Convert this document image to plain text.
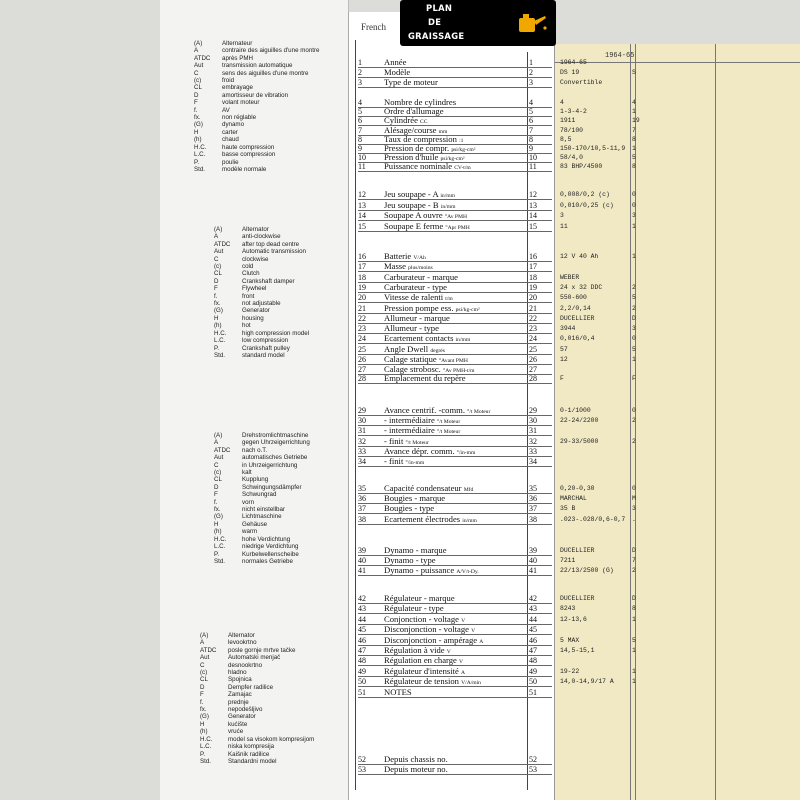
French
1964-65
PLAN
DE
GRAISSAGE
(A)	Alternateur
A	contraire des aiguilles d'une montre
ATDC	après PMH
Aut	transmission automatique
C	sens des aiguilles d'une montre
(c)	froid
CL	embrayage
D	amortisseur de vibration
F	volant moteur
f.	AV
fx.	non réglable
(G)	dynamo
H	carter
(h)	chaud
H.C.	haute compression
L.C.	basse compression
P.	poulie
Std.	modèle normale
(A)	Alternator
A	anti-clockwise
ATDC	after top dead centre
Aut	Automatic transmission
C	clockwise
(c)	cold
CL	Clutch
D	Crankshaft damper
F	Flywheel
f.	front
fx.	not adjustable
(G)	Generator
H	housing
(h)	hot
H.C.	high compression model
L.C.	low compression
P.	Crankshaft pulley
Std.	standard model
(A)	Drehstromlichtmaschine
A	gegen Uhrzeigerrichtung
ATDC	nach o.T.
Aut	automatisches Getriebe
C	in Uhrzeigerrichtung
(c)	kalt
CL	Kupplung
D	Schwingungsdämpfer
F	Schwungrad
f.	vorn
fx.	nicht einstellbar
(G)	Lichtmaschine
H	Gehäuse
(h)	warm
H.C.	hohe Verdichtung
L.C.	niedrige Verdichtung
P.	Kurbelwellenscheibe
Std.	normales Getriebe
(A)	Alternator
A	levookrtno
ATDC	posle gornje mrtve tačke
Aut	Automatski menjač
C	desnookrtno
(c)	hladno
CL	Spojnica
D	Dempfer radilice
F	Zamajac
f.	prednje
fx.	nepodešljivo
(G)	Generator
H	kućište
(h)	vruće
H.C.	model sa visokom kompresijom
L.C.	niska kompresija
P.	Kaišnik radilice
Std.	Standardni model
1	Année	1	1964-65
2	Modèle	2	DS 19	S
3	Type de moteur	3	Convertible
4	Nombre de cylindres	4	4	4
5	Ordre d'allumage	5	1-3-4-2	1
6	Cylindrée CC	6	1911	19
7	Alésage/course mm	7	78/100	7
8	Taux de compression :1	8	8,5	8
9	Pression de compr. psi/kg-cm²	9	150-170/10,5-11,9 1
10 Pression d'huile psi/kg-cm²	10	58/4,0	5
11 Puissance nominale CV-t/m	11	83 BHP/4500	8
12 Jeu soupape - A in/mm	12	0,008/0,2 (c)	0
13 Jeu soupape - B in/mm	13	0,010/0,25 (c)	0
14 Soupape A ouvre °Av PMH	14	3	3
15 Soupape E ferme °Apr PMH	15	11	1
16 Batterie V/Ah	16	12 V 40 Ah	1
17 Masse plus/moins	17
18 Carburateur - marque	18	WEBER
19 Carburateur - type	19	24 x 32 DDC	2
20 Vitesse de ralenti t/m	20	550-600	5
21 Pression pompe ess. psi/kg-cm²	21	2,2/0,14	2
22 Allumeur - marque	22	DUCELLIER	D
23 Allumeur - type	23	3944	3
24 Ecartement contacts in/mm	24	0,016/0,4	0
25 Angle Dwell degrés	25	57	5
26 Calage statique °Avant PMH	26	12	1
27 Calage strobosc. °Av PMH-t/m	27
28 Emplacement du repère	28	F	F
29 Avance centrif. -comm. °/t Moteur	29	0-1/1000	0
30 - intermédiaire °/t Moteur	30	22-24/2200	2
31 - intermédiaire °/t Moteur	31
32 - finit °/t Moteur	32	29-33/5000	2
33 Avance dépr. comm. °/in-mm	33
34 - finit °/in-mm	34
35 Capacité condensateur Mfd	35	0,20-0,30	0
36 Bougies - marque	36	MARCHAL	M
37 Bougies - type	37	35 B	3
38 Ecartement électrodes in/mm	38	.023-.028/0,6-0,7 .
39 Dynamo - marque	39	DUCELLIER	D
40 Dynamo - type	40	7211	7
41 Dynamo - puissance A/V/t-Dy.	41	22/13/2500 (G)	2
42 Régulateur - marque	42	DUCELLIER	D
43 Régulateur - type	43	8243	8
44 Conjonction - voltage V	44	12-13,6	1
45 Disconjonction - voltage V	45
46 Disconjonction - ampérage A	46	5 MAX	5
47 Régulation à vide V	47	14,5-15,1	1
48 Régulation en charge V	48
49 Régulateur d'intensité A	49	19-22	1
50 Régulateur de tension V/A/min	50	14,0-14,9/17 A	1
51 NOTES	51
52 Depuis chassis no.	52
53 Depuis moteur no.	53
